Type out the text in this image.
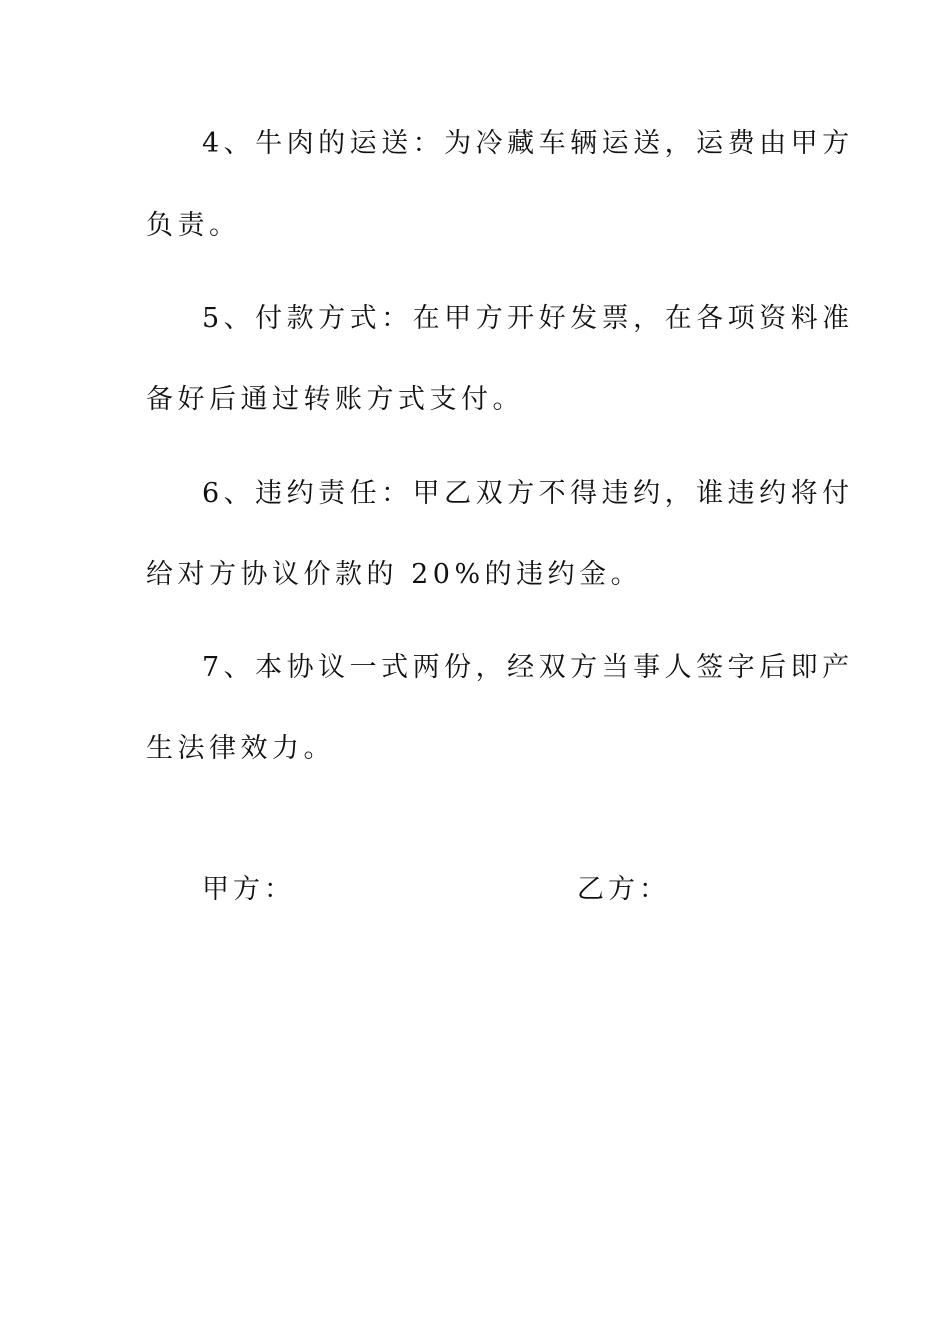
4、牛肉的运送：为冷藏车辆运送，运费由甲方
负责。
5、付款方式：在甲方开好发票，在各项资料准
备好后通过转账方式支付。
6、违约责任：甲乙双方不得违约，谁违约将付
给对方协议价款的 20%的违约金。
7、本协议一式两份，经双方当事人签字后即产
生法律效力。
甲方：	乙方：
